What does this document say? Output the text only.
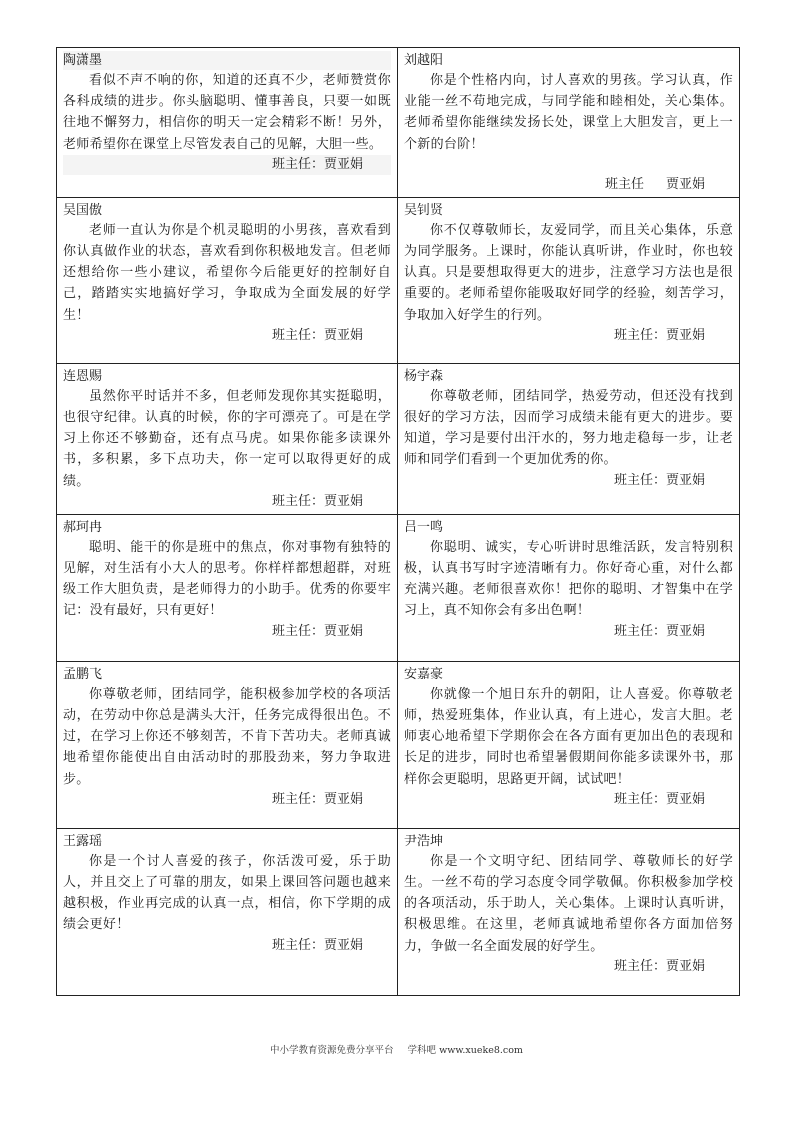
陶潇墨

看似不声不响的你，知道的还真不少，老师赞赏你各科成绩的进步。你头脑聪明、懂事善良，只要一如既往地不懈努力，相信你的明天一定会精彩不断！另外，老师希望你在课堂上尽管发表自己的见解，大胆一些。

班主任：贾亚娟

刘越阳

你是个性格内向，讨人喜欢的男孩。学习认真，作业能一丝不苟地完成，与同学能和睦相处，关心集体。老师希望你能继续发扬长处，课堂上大胆发言，更上一个新的台阶！

班主任 贾亚娟

吴国傲

老师一直认为你是个机灵聪明的小男孩，喜欢看到你认真做作业的状态，喜欢看到你积极地发言。但老师还想给你一些小建议，希望你今后能更好的控制好自己，踏踏实实地搞好学习，争取成为全面发展的好学生！

班主任：贾亚娟

吴钊贤

你不仅尊敬师长，友爱同学，而且关心集体，乐意为同学服务。上课时，你能认真听讲，作业时，你也较认真。只是要想取得更大的进步，注意学习方法也是很重要的。老师希望你能吸取好同学的经验，刻苦学习，争取加入好学生的行列。

班主任：贾亚娟

连恩赐

虽然你平时话并不多，但老师发现你其实挺聪明，也很守纪律。认真的时候，你的字可漂亮了。可是在学习上你还不够勤奋，还有点马虎。如果你能多读课外书，多积累，多下点功夫，你一定可以取得更好的成绩。

班主任：贾亚娟

杨宇森

你尊敬老师，团结同学，热爱劳动，但还没有找到很好的学习方法，因而学习成绩未能有更大的进步。要知道，学习是要付出汗水的，努力地走稳每一步，让老师和同学们看到一个更加优秀的你。

班主任：贾亚娟

郝珂冉

聪明、能干的你是班中的焦点，你对事物有独特的见解，对生活有小大人的思考。你样样都想超群，对班级工作大胆负责，是老师得力的小助手。优秀的你要牢记：没有最好，只有更好！

班主任：贾亚娟

吕一鸣

你聪明、诚实，专心听讲时思维活跃，发言特别积极，认真书写时字迹清晰有力。你好奇心重，对什么都充满兴趣。老师很喜欢你！把你的聪明、才智集中在学习上，真不知你会有多出色啊！

班主任：贾亚娟

孟鹏飞

你尊敬老师，团结同学，能积极参加学校的各项活动，在劳动中你总是满头大汗，任务完成得很出色。不过，在学习上你还不够刻苦，不肯下苦功夫。老师真诚地希望你能使出自由活动时的那股劲来，努力争取进步。

班主任：贾亚娟

安嘉豪

你就像一个旭日东升的朝阳，让人喜爱。你尊敬老师，热爱班集体，作业认真，有上进心，发言大胆。老师衷心地希望下学期你会在各方面有更加出色的表现和长足的进步，同时也希望暑假期间你能多读课外书，那样你会更聪明，思路更开阔，试试吧！

班主任：贾亚娟

王露瑶

你是一个讨人喜爱的孩子，你活泼可爱，乐于助人，并且交上了可靠的朋友，如果上课回答问题也越来越积极，作业再完成的认真一点，相信，你下学期的成绩会更好！

班主任：贾亚娟

尹浩坤

你是一个文明守纪、团结同学、尊敬师长的好学生。一丝不苟的学习态度令同学敬佩。你积极参加学校的各项活动，乐于助人，关心集体。上课时认真听讲，积极思维。在这里，老师真诚地希望你各方面加倍努力，争做一名全面发展的好学生。

班主任：贾亚娟

中小学教育资源免费分享平台 学科吧 www.xueke8.com
